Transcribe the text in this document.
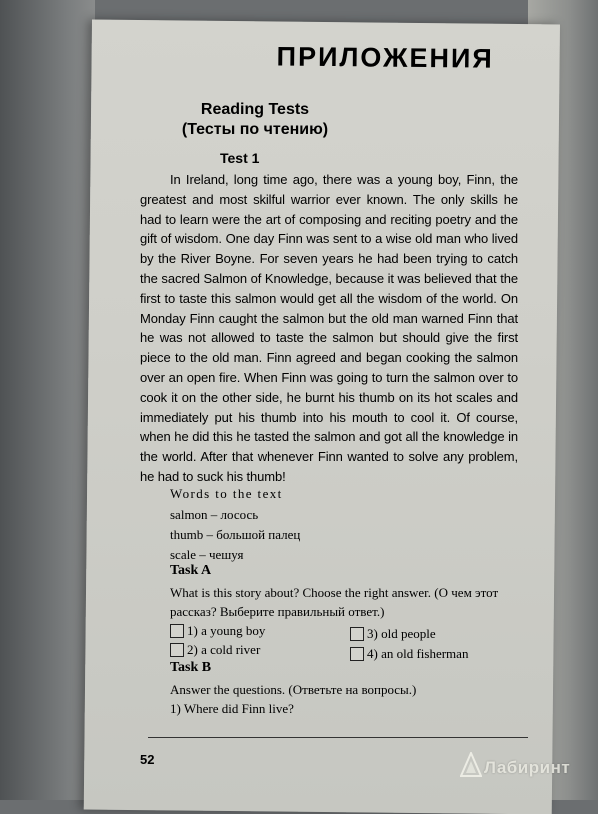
ПРИЛОЖЕНИЯ
Reading Tests
(Тесты по чтению)
Test 1

In Ireland, long time ago, there was a young boy, Finn, the greatest and most skilful warrior ever known. The only skills he had to learn were the art of composing and reciting poetry and the gift of wisdom. One day Finn was sent to a wise old man who lived by the River Boyne. For seven years he had been trying to catch the sacred Salmon of Knowledge, because it was believed that the first to taste this salmon would get all the wisdom of the world. On Monday Finn caught the salmon but the old man warned Finn that he was not allowed to taste the salmon but should give the first piece to the old man. Finn agreed and began cooking the salmon over an open fire. When Finn was going to turn the salmon over to cook it on the other side, he burnt his thumb on its hot scales and immediately put his thumb into his mouth to cool it. Of course, when he did this he tasted the salmon and got all the knowledge in the world. After that whenever Finn wanted to solve any problem, he had to suck his thumb!

Words to the text
salmon – лосось
thumb – большой палец
scale – чешуя
Task A
What is this story about? Choose the right answer. (О чем этот рассказ? Выберите правильный ответ.)
1) a young boy
2) a cold river
3) old people
4) an old fisherman
Task B
Answer the questions. (Ответьте на вопросы.)
1) Where did Finn live?
52	Лабиринт
